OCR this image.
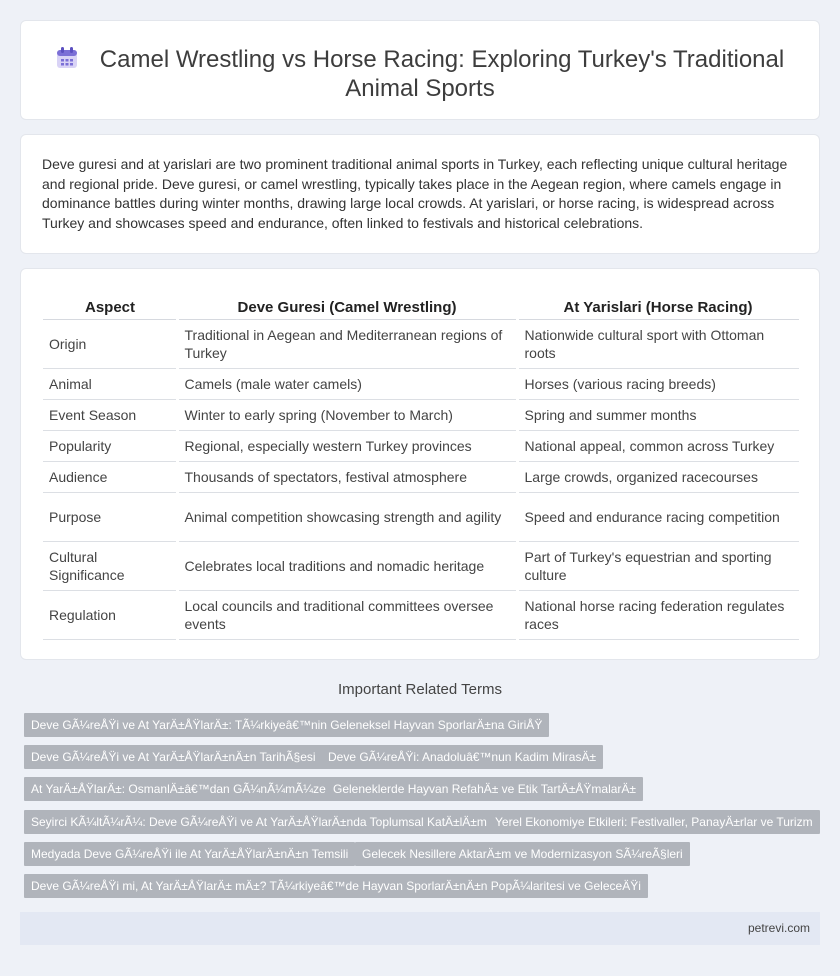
Camel Wrestling vs Horse Racing: Exploring Turkey's Traditional Animal Sports

Deve guresi and at yarislari are two prominent traditional animal sports in Turkey, each reflecting unique cultural heritage and regional pride. Deve guresi, or camel wrestling, typically takes place in the Aegean region, where camels engage in dominance battles during winter months, drawing large local crowds. At yarislari, or horse racing, is widespread across Turkey and showcases speed and endurance, often linked to festivals and historical celebrations.

Aspect	Deve Guresi (Camel Wrestling)	At Yarislari (Horse Racing)
Origin	Traditional in Aegean and Mediterranean regions of Turkey	Nationwide cultural sport with Ottoman roots
Animal	Camels (male water camels)	Horses (various racing breeds)
Event Season	Winter to early spring (November to March)	Spring and summer months
Popularity	Regional, especially western Turkey provinces	National appeal, common across Turkey
Audience	Thousands of spectators, festival atmosphere	Large crowds, organized racecourses
Purpose	Animal competition showcasing strength and agility	Speed and endurance racing competition
Cultural Significance	Celebrates local traditions and nomadic heritage	Part of Turkey's equestrian and sporting culture
Regulation	Local councils and traditional committees oversee events	National horse racing federation regulates races
Important Related Terms
Deve GÃ¼reÅŸi ve At YarÄ±ÅŸlarÄ±: TÃ¼rkiyeâ€™nin Geleneksel Hayvan SporlarÄ±na GiriÅŸ
Deve GÃ¼reÅŸi ve At YarÄ±ÅŸlarÄ±nÄ±n TarihÃ§esi	Deve GÃ¼reÅŸi: Anadoluâ€™nun Kadim MirasÄ±
At YarÄ±ÅŸlarÄ±: OsmanlÄ±â€™dan GÃ¼nÃ¼mÃ¼ze Geleneklerde Hayvan RefahÄ± ve Etik TartÄ±ÅŸmalarÄ±
Seyirci KÃ¼ltÃ¼rÃ¼: Deve GÃ¼reÅŸi ve At YarÄ±ÅŸlarÄ±nda Toplumsal KatÄ±lÄ±m Yerel Ekonomiye Etkileri: Festivaller, PanayÄ±rlar ve Turizm
Medyada Deve GÃ¼reÅŸi ile At YarÄ±ÅŸlarÄ±nÄ±n Temsili	Gelecek Nesillere AktarÄ±m ve Modernizasyon SÃ¼reÃ§leri
Deve GÃ¼reÅŸi mi, At YarÄ±ÅŸlarÄ± mÄ±? TÃ¼rkiyeâ€™de Hayvan SporlarÄ±nÄ±n PopÃ¼laritesi ve GeleceÄŸi
petrevi.com
